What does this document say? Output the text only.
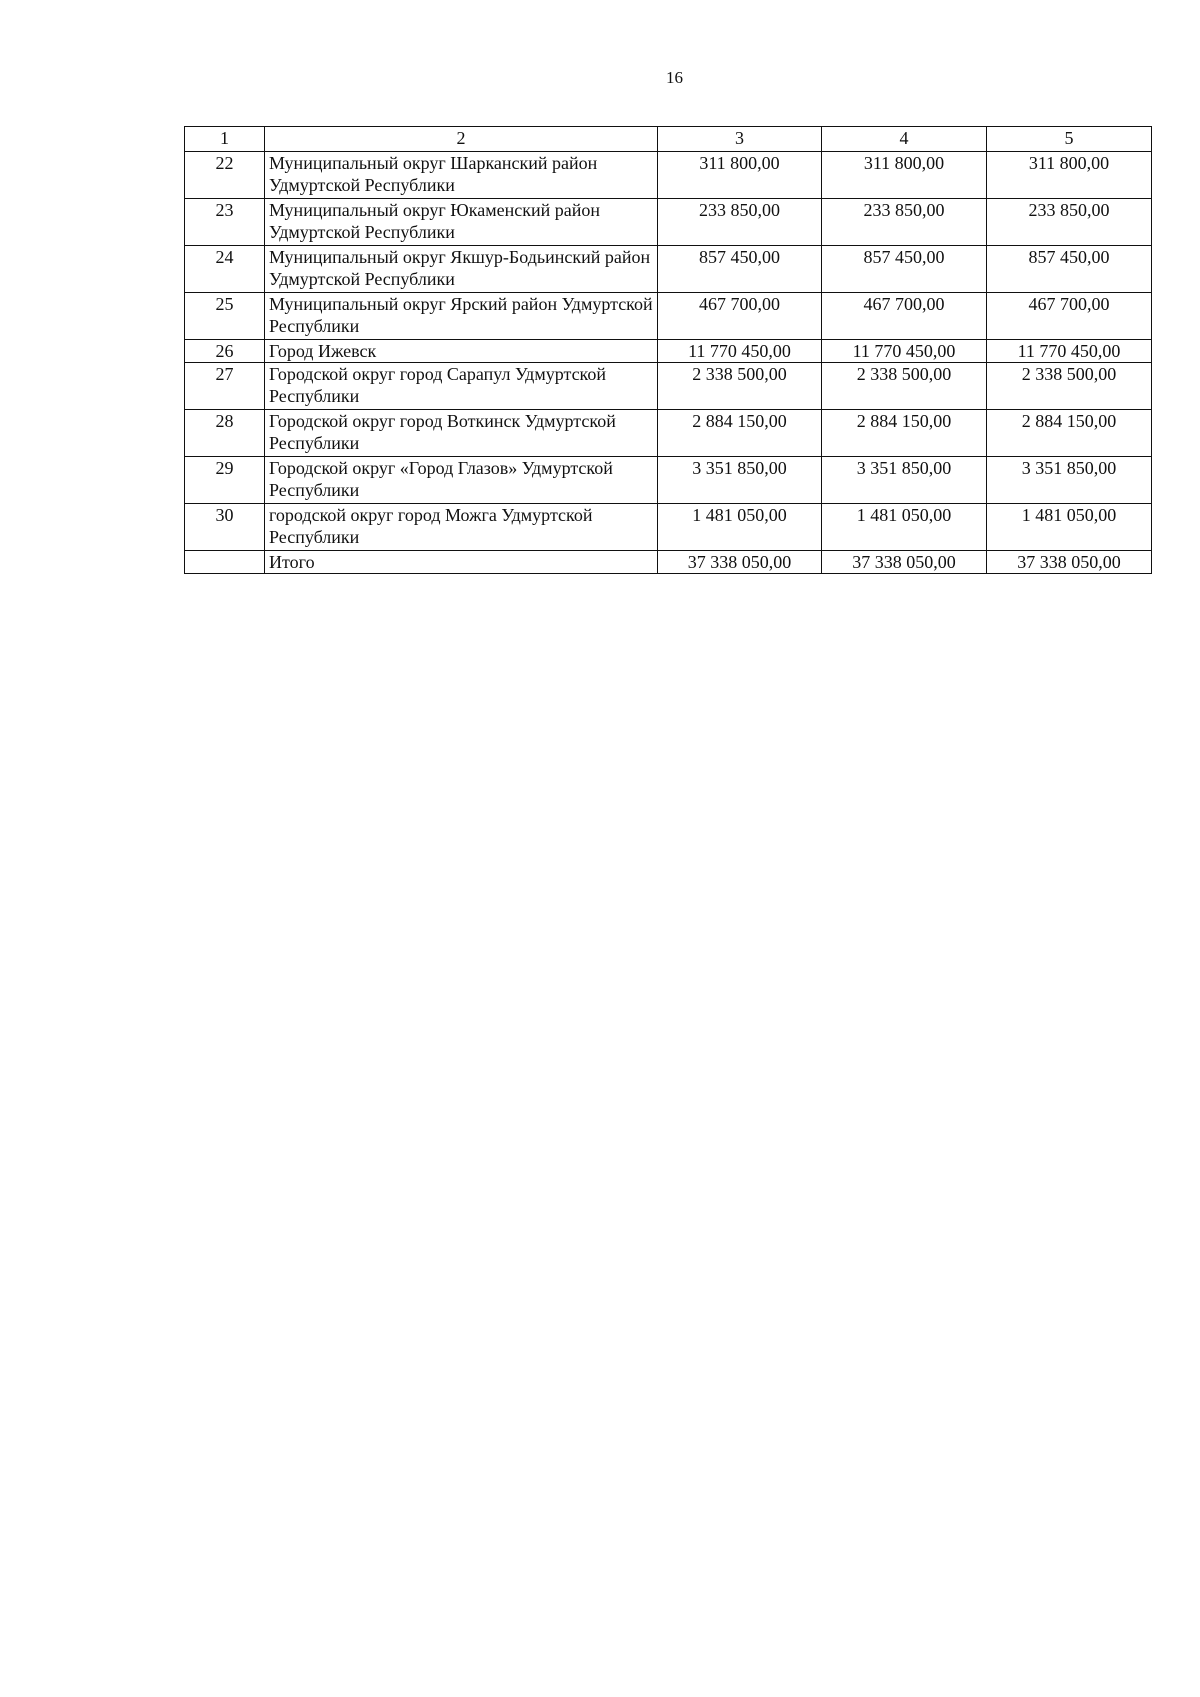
16
1	2	3	4	5
22	Муниципальный округ Шарканский район Удмуртской Республики	311 800,00	311 800,00	311 800,00
23	Муниципальный округ Юкаменский район Удмуртской Республики	233 850,00	233 850,00	233 850,00
24	Муниципальный округ Якшур-Бодьинский район Удмуртской Республики	857 450,00	857 450,00	857 450,00
25	Муниципальный округ Ярский район Удмуртской Республики	467 700,00	467 700,00	467 700,00
26	Город Ижевск	11 770 450,00	11 770 450,00	11 770 450,00
27	Городской округ город Сарапул Удмуртской Республики	2 338 500,00	2 338 500,00	2 338 500,00
28	Городской округ город Воткинск Удмуртской Республики	2 884 150,00	2 884 150,00	2 884 150,00
29	Городской округ «Город Глазов» Удмуртской Республики	3 351 850,00	3 351 850,00	3 351 850,00
30	городской округ город Можга Удмуртской Республики	1 481 050,00	1 481 050,00	1 481 050,00
	Итого	37 338 050,00	37 338 050,00	37 338 050,00
